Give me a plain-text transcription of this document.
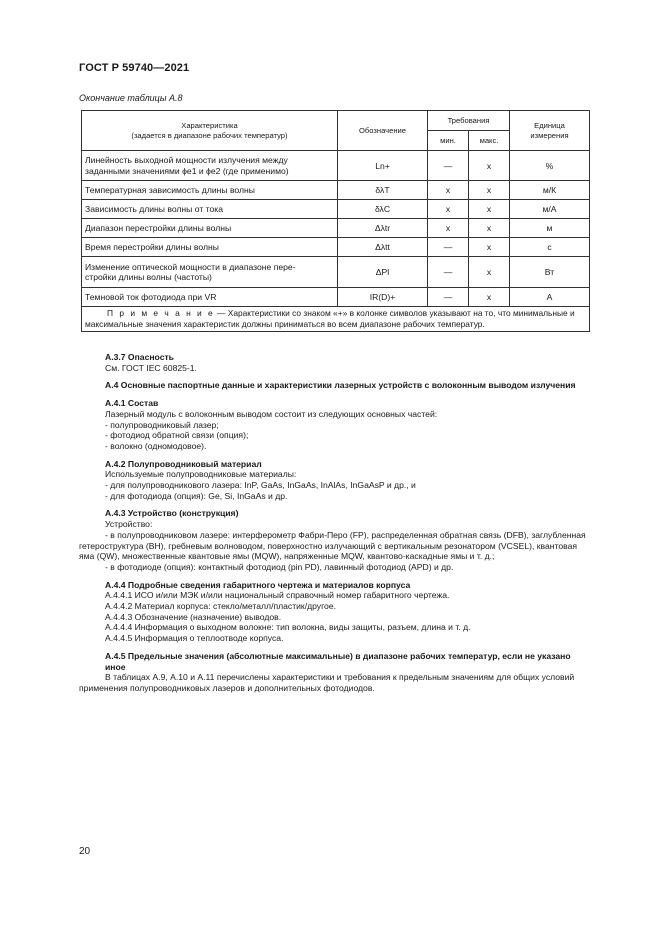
ГОСТ Р 59740—2021
Окончание таблицы А.8
Характеристика
(задается в диапазоне рабочих температур)	Обозначение	Требования		Единица
измерения
		мин.	макс.	
Линейность выходной мощности излучения между
заданными значениями ϕe1 и ϕe2 (где применимо)	Ln+	—	x	%
Температурная зависимость длины волны	δλT	x	x	м/К
Зависимость длины волны от тока	δλC	x	x	м/А
Диапазон перестройки длины волны	Δλtr	x	x	м
Время перестройки длины волны	Δλtt	—	x	с
Изменение оптической мощности в диапазоне пере-
стройки длины волны (частоты)	ΔPl	—	x	Вт
Темновой ток фотодиода при VR	IR(D)+	—	x	А
П р и м е ч а н и е — Характеристики со знаком «+» в колонке символов указывают на то, что минимальные и максимальные значения характеристик должны приниматься во всем диапазоне рабочих температур.				

А.3.7 Опасность

См. ГОСТ IEC 60825-1.

А.4 Основные паспортные данные и характеристики лазерных устройств с волоконным выводом излучения

А.4.1 Состав

Лазерный модуль с волоконным выводом состоит из следующих основных частей:

- полупроводниковый лазер;

- фотодиод обратной связи (опция);

- волокно (одномодовое).

А.4.2 Полупроводниковый материал

Используемые полупроводниковые материалы:

- для полупроводникового лазера: InP, GaAs, InGaAs, InAlAs, InGaAsP и др., и

- для фотодиода (опция): Ge, Si, InGaAs и др.

А.4.3 Устройство (конструкция)

Устройство:

- в полупроводниковом лазере: интерферометр Фабри-Перо (FP), распределенная обратная связь (DFB), заглубленная гетероструктура (BH), гребневым волноводом, поверхностно излучающий с вертикальным резонатором (VCSEL), квантовая яма (QW), множественные квантовые ямы (MQW), напряженные MQW, квантово-каскадные ямы и т. д.;

- в фотодиоде (опция): контактный фотодиод (pin PD), лавинный фотодиод (APD) и др.

А.4.4 Подробные сведения габаритного чертежа и материалов корпуса

А.4.4.1 ИСО и/или МЭК и/или национальный справочный номер габаритного чертежа.

А.4.4.2 Материал корпуса: стекло/металл/пластик/другое.

А.4.4.3 Обозначение (назначение) выводов.

А.4.4.4 Информация о выходном волокне: тип волокна, виды защиты, разъем, длина и т. д.

А.4.4.5 Информация о теплоотводе корпуса.

А.4.5 Предельные значения (абсолютные максимальные) в диапазоне рабочих температур, если не указано иное

В таблицах А.9, А.10 и А.11 перечислены характеристики и требования к предельным значениям для общих условий применения полупроводниковых лазеров и дополнительных фотодиодов.

20
